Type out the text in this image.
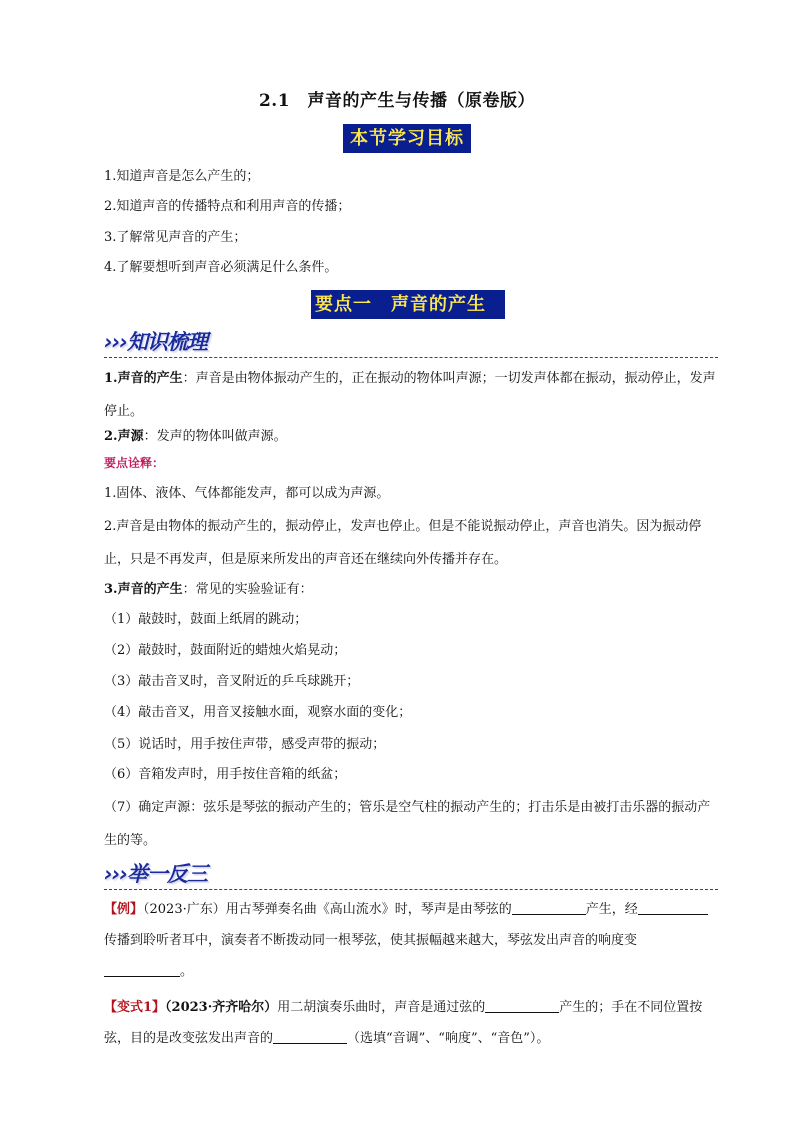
2.1　声音的产生与传播（原卷版）
本节学习目标
1.知道声音是怎么产生的；
2.知道声音的传播特点和利用声音的传播；
3.了解常见声音的产生；
4.了解要想听到声音必须满足什么条件。
要点一　声音的产生
›››知识梳理
1.声音的产生：声音是由物体振动产生的，正在振动的物体叫声源；一切发声体都在振动，振动停止，发声停止。
2.声源：发声的物体叫做声源。
要点诠释：
1.固体、液体、气体都能发声，都可以成为声源。
2.声音是由物体的振动产生的，振动停止，发声也停止。但是不能说振动停止，声音也消失。因为振动停止，只是不再发声，但是原来所发出的声音还在继续向外传播并存在。
3.声音的产生：常见的实验验证有：
（1）敲鼓时，鼓面上纸屑的跳动；
（2）敲鼓时，鼓面附近的蜡烛火焰晃动；
（3）敲击音叉时，音叉附近的乒乓球跳开；
（4）敲击音叉，用音叉接触水面，观察水面的变化；
（5）说话时，用手按住声带，感受声带的振动；
（6）音箱发声时，用手按住音箱的纸盆；
（7）确定声源：弦乐是琴弦的振动产生的；管乐是空气柱的振动产生的；打击乐是由被打击乐器的振动产生的等。
›››举一反三
【例】（2023·广东）用古琴弹奏名曲《高山流水》时，琴声是由琴弦的	产生，经传播到聆听者耳中，演奏者不断拨动同一根琴弦，使其振幅越来越大，琴弦发出声音的响度变
。
【变式1】（2023·齐齐哈尔）用二胡演奏乐曲时，声音是通过弦的	产生的；手在不同位置按弦，目的是改变弦发出声音的	（选填“音调”、“响度”、“音色”）。
